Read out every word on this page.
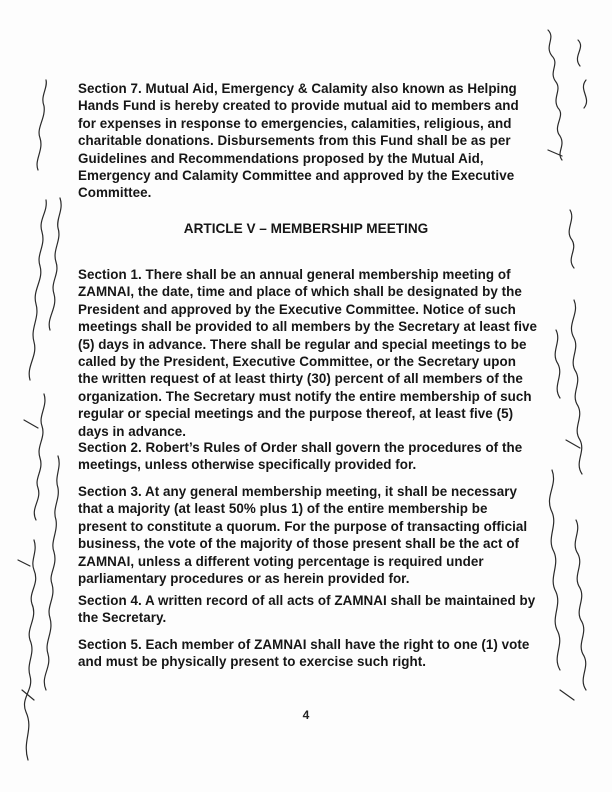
Section 7. Mutual Aid, Emergency & Calamity also known as Helping Hands Fund is hereby created to provide mutual aid to members and for expenses in response to emergencies, calamities, religious, and charitable donations. Disbursements from this Fund shall be as per Guidelines and Recommendations proposed by the Mutual Aid, Emergency and Calamity Committee and approved by the Executive Committee.
ARTICLE V – MEMBERSHIP MEETING
Section 1. There shall be an annual general membership meeting of ZAMNAI, the date, time and place of which shall be designated by the President and approved by the Executive Committee. Notice of such meetings shall be provided to all members by the Secretary at least five (5) days in advance. There shall be regular and special meetings to be called by the President, Executive Committee, or the Secretary upon the written request of at least thirty (30) percent of all members of the organization. The Secretary must notify the entire membership of such regular or special meetings and the purpose thereof, at least five (5) days in advance.
Section 2. Robert’s Rules of Order shall govern the procedures of the meetings, unless otherwise specifically provided for.
Section 3. At any general membership meeting, it shall be necessary that a majority (at least 50% plus 1) of the entire membership be present to constitute a quorum. For the purpose of transacting official business, the vote of the majority of those present shall be the act of ZAMNAI, unless a different voting percentage is required under parliamentary procedures or as herein provided for.
Section 4. A written record of all acts of ZAMNAI shall be maintained by the Secretary.
Section 5. Each member of ZAMNAI shall have the right to one (1) vote and must be physically present to exercise such right.
4
